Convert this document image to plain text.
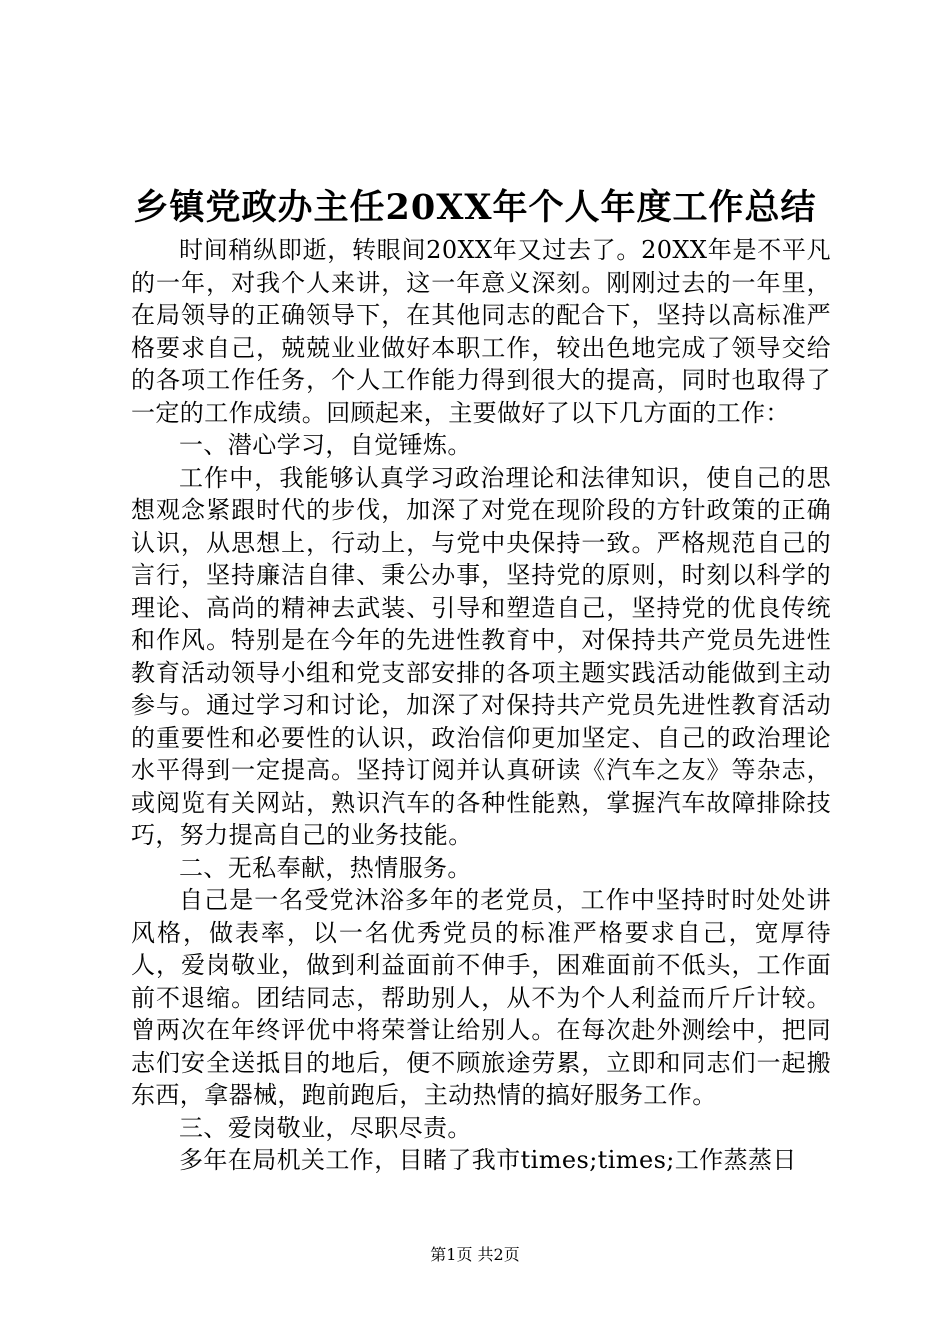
乡镇党政办主任20XX年个人年度工作总结

时间稍纵即逝，转眼间20XX年又过去了。20XX年是不平凡的一年，对我个人来讲，这一年意义深刻。刚刚过去的一年里，在局领导的正确领导下，在其他同志的配合下，坚持以高标准严格要求自己，兢兢业业做好本职工作，较出色地完成了领导交给的各项工作任务，个人工作能力得到很大的提高，同时也取得了一定的工作成绩。回顾起来，主要做好了以下几方面的工作：

一、潜心学习，自觉锤炼。

工作中，我能够认真学习政治理论和法律知识，使自己的思想观念紧跟时代的步伐，加深了对党在现阶段的方针政策的正确认识，从思想上，行动上，与党中央保持一致。严格规范自己的言行，坚持廉洁自律、秉公办事，坚持党的原则，时刻以科学的理论、高尚的精神去武装、引导和塑造自己，坚持党的优良传统和作风。特别是在今年的先进性教育中，对保持共产党员先进性教育活动领导小组和党支部安排的各项主题实践活动能做到主动参与。通过学习和讨论，加深了对保持共产党员先进性教育活动的重要性和必要性的认识，政治信仰更加坚定、自己的政治理论水平得到一定提高。坚持订阅并认真研读《汽车之友》等杂志，或阅览有关网站，熟识汽车的各种性能熟，掌握汽车故障排除技巧，努力提高自己的业务技能。

二、无私奉献，热情服务。

自己是一名受党沐浴多年的老党员，工作中坚持时时处处讲风格，做表率，以一名优秀党员的标准严格要求自己，宽厚待人，爱岗敬业，做到利益面前不伸手，困难面前不低头，工作面前不退缩。团结同志，帮助别人，从不为个人利益而斤斤计较。曾两次在年终评优中将荣誉让给别人。在每次赴外测绘中，把同志们安全送抵目的地后，便不顾旅途劳累，立即和同志们一起搬东西，拿器械，跑前跑后，主动热情的搞好服务工作。

三、爱岗敬业，尽职尽责。

多年在局机关工作，目睹了我市times;times;工作蒸蒸日

第1页 共2页
